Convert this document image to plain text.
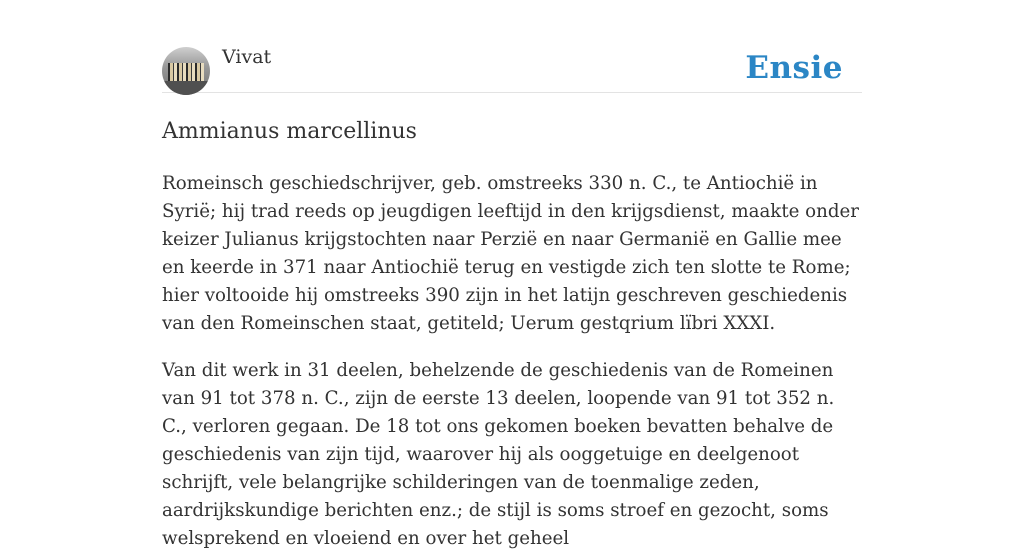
Vivat	Ensie
Ammianus marcellinus

Romeinsch geschiedschrijver, geb. omstreeks 330 n. C., te Antiochië in Syrië; hij trad reeds op jeugdigen leeftijd in den krijgsdienst, maakte onder keizer Julianus krijgstochten naar Perzië en naar Germanië en Gallie mee en keerde in 371 naar Antiochië terug en vestigde zich ten slotte te Rome; hier voltooide hij omstreeks 390 zijn in het latijn geschreven geschiedenis van den Romeinschen staat, getiteld; Uerum gestqrium lïbri XXXI.

Van dit werk in 31 deelen, behelzende de geschiedenis van de Romeinen van 91 tot 378 n. C., zijn de eerste 13 deelen, loopende van 91 tot 352 n. C., verloren gegaan. De 18 tot ons gekomen boeken bevatten behalve de geschiedenis van zijn tijd, waarover hij als ooggetuige en deelgenoot schrijft, vele belangrijke schilderingen van de toenmalige zeden, aardrijkskundige berichten enz.; de stijl is soms stroef en gezocht, soms welsprekend en vloeiend en over het geheel
